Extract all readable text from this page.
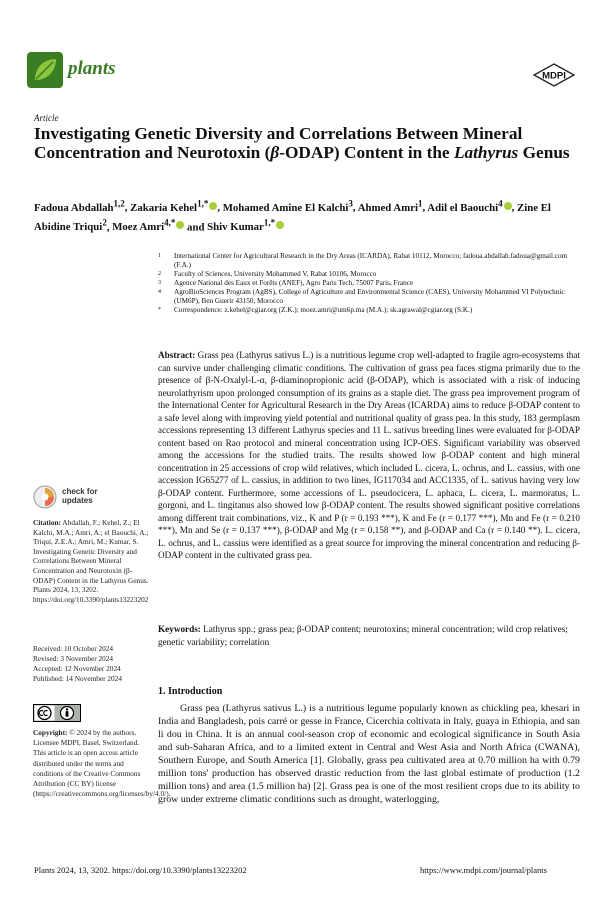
plants	MDPI
Article
Investigating Genetic Diversity and Correlations Between Mineral Concentration and Neurotoxin (β-ODAP) Content in the Lathyrus Genus
Fadoua Abdallah$^{1,2}$, Zakaria Kehel$^{1,*}$ , Mohamed Amine El Kalchi$^3$, Ahmed Amri$^1$, Adil el Baouchi$^4$ , Zine El Abidine Triqui$^2$, Moez Amri$^{4,*}$ and Shiv Kumar$^{1,*}$
1 International Center for Agricultural Research in the Dry Areas (ICARDA), Rabat 10112, Morocco; fadoua.abdallah.fadoua@gmail.com (F.A.)
2 Faculty of Sciences, University Mohammed V, Rabat 10106, Morocco
3 Agence National des Eaux et Forêts (ANEF), Agro Paris Tech, 75007 Paris, France
4 AgroBioSciences Program (AgBS), College of Agriculture and Environmental Science (CAES), University Mohammed VI Polytechnic (UM6P), Ben Guerir 43150, Morocco
* Correspondence: z.kehel@cgiar.org (Z.K.); moez.amri@um6p.ma (M.A.); sk.agrawal@cgiar.org (S.K.)
Abstract: Grass pea (Lathyrus sativus L.) is a nutritious legume crop well-adapted to fragile agro-ecosystems that can survive under challenging climatic conditions. The cultivation of grass pea faces stigma primarily due to the presence of β-N-Oxalyl-L-α, β-diaminopropionic acid (β-ODAP), which is associated with a risk of inducing neurolathyrism upon prolonged consumption of its grains as a staple diet. The grass pea improvement program of the International Center for Agricultural Research in the Dry Areas (ICARDA) aims to reduce β-ODAP content to a safe level along with improving yield potential and nutritional quality of grass pea. In this study, 183 germplasm accessions representing 13 different Lathyrus species and 11 L. sativus breeding lines were evaluated for β-ODAP content based on Rao protocol and mineral concentration using ICP-OES. Significant variability was observed among the accessions for the studied traits. The results showed low β-ODAP content and high mineral concentration in 25 accessions of crop wild relatives, which included L. cicera, L. ochrus, and L. cassius, with one accession IG65277 of L. cassius, in addition to two lines, IG117034 and ACC1335, of L. sativus having very low β-ODAP content. Furthermore, some accessions of L. pseudocicera, L. aphaca, L. cicera, L. marmoratus, L. gorgoni, and L. tingitanus also showed low β-ODAP content. The results showed significant positive correlations among different trait combinations, viz., K and P (r = 0.193 ***), K and Fe (r = 0.177 ***), Mn and Fe (r = 0.210 ***), Mn and Se (r = 0.137 ***), β-ODAP and Mg (r = 0.158 **), and β-ODAP and Ca (r = 0.140 **). L. cicera, L. ochrus, and L. cassius were identified as a great source for improving the mineral concentration and reducing β-ODAP content in the cultivated grass pea.
Keywords: Lathyrus spp.; grass pea; β-ODAP content; neurotoxins; mineral concentration; wild crop relatives; genetic variability; correlation
check for
updates
Citation: Abdallah, F.; Kehel, Z.; El Kalchi, M.A.; Amri, A.; el Baouchi, A.; Triqui, Z.E.A.; Amri, M.; Kumar, S. Investigating Genetic Diversity and Correlations Between Mineral Concentration and Neurotoxin (β-ODAP) Content in the Lathyrus Genus. Plants 2024, 13, 3202. https://doi.org/10.3390/plants13223202
Received: 10 October 2024
Revised: 3 November 2024
Accepted: 12 November 2024
Published: 14 November 2024
Copyright: © 2024 by the authors. Licensee MDPI, Basel, Switzerland. This article is an open access article distributed under the terms and conditions of the Creative Commons Attribution (CC BY) license (https://creativecommons.org/licenses/by/4.0/).
1. Introduction
Grass pea (Lathyrus sativus L.) is a nutritious legume popularly known as chickling pea, khesari in India and Bangladesh, pois carré or gesse in France, Cicerchia coltivata in Italy, guaya in Ethiopia, and san li dou in China. It is an annual cool-season crop of economic and ecological significance in South Asia and sub-Saharan Africa, and to a limited extent in Central and West Asia and North Africa (CWANA), Southern Europe, and South America [1]. Globally, grass pea cultivated area at 0.70 million ha with 0.79 million tons' production has observed drastic reduction from the last global estimate of production (1.2 million tons) and area (1.5 million ha) [2]. Grass pea is one of the most resilient crops due to its ability to grow under extreme climatic conditions such as drought, waterlogging,
Plants 2024, 13, 3202. https://doi.org/10.3390/plants13223202	https://www.mdpi.com/journal/plants
